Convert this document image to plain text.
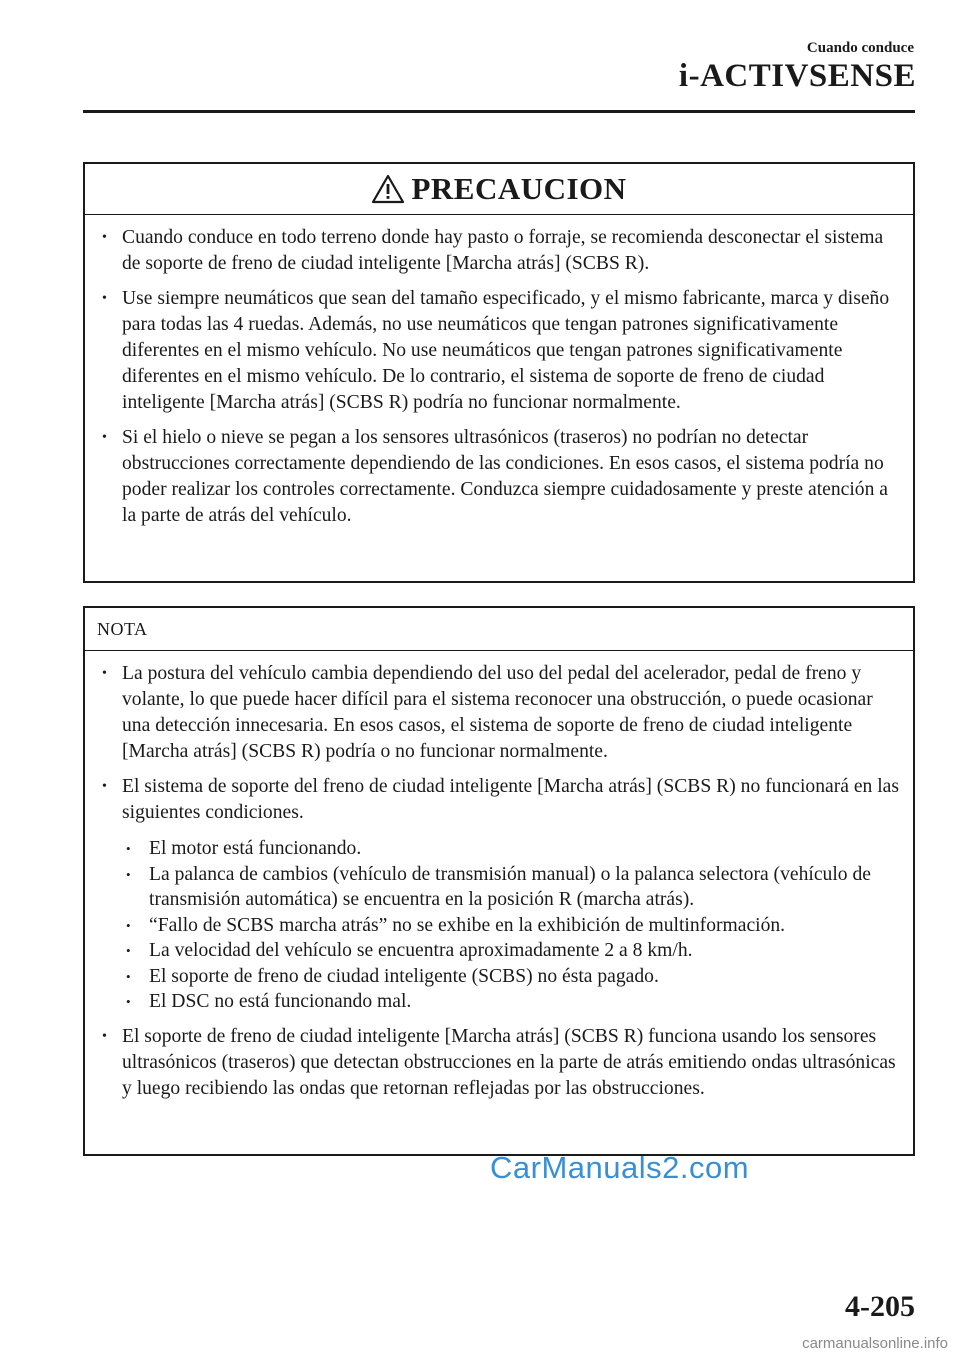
Cuando conduce
i-ACTIVSENSE
PRECAUCION
• Cuando conduce en todo terreno donde hay pasto o forraje, se recomienda desconectar el sistema de soporte de freno de ciudad inteligente [Marcha atrás] (SCBS R).
• Use siempre neumáticos que sean del tamaño especificado, y el mismo fabricante, marca y diseño para todas las 4 ruedas. Además, no use neumáticos que tengan patrones significativamente diferentes en el mismo vehículo. No use neumáticos que tengan patrones significativamente diferentes en el mismo vehículo. De lo contrario, el sistema de soporte de freno de ciudad inteligente [Marcha atrás] (SCBS R) podría no funcionar normalmente.
• Si el hielo o nieve se pegan a los sensores ultrasónicos (traseros) no podrían no detectar obstrucciones correctamente dependiendo de las condiciones. En esos casos, el sistema podría no poder realizar los controles correctamente. Conduzca siempre cuidadosamente y preste atención a la parte de atrás del vehículo.
NOTA
• La postura del vehículo cambia dependiendo del uso del pedal del acelerador, pedal de freno y volante, lo que puede hacer difícil para el sistema reconocer una obstrucción, o puede ocasionar una detección innecesaria. En esos casos, el sistema de soporte de freno de ciudad inteligente [Marcha atrás] (SCBS R) podría o no funcionar normalmente.
• El sistema de soporte del freno de ciudad inteligente [Marcha atrás] (SCBS R) no funcionará en las siguientes condiciones.
• El motor está funcionando.
• La palanca de cambios (vehículo de transmisión manual) o la palanca selectora (vehículo de transmisión automática) se encuentra en la posición R (marcha atrás).
• “Fallo de SCBS marcha atrás” no se exhibe en la exhibición de multinformación.
• La velocidad del vehículo se encuentra aproximadamente 2 a 8 km/h.
• El soporte de freno de ciudad inteligente (SCBS) no ésta pagado.
• El DSC no está funcionando mal.
• El soporte de freno de ciudad inteligente [Marcha atrás] (SCBS R) funciona usando los sensores ultrasónicos (traseros) que detectan obstrucciones en la parte de atrás emitiendo ondas ultrasónicas y luego recibiendo las ondas que retornan reflejadas por las obstrucciones.
CarManuals2.com
4-205
carmanualsonline.info
